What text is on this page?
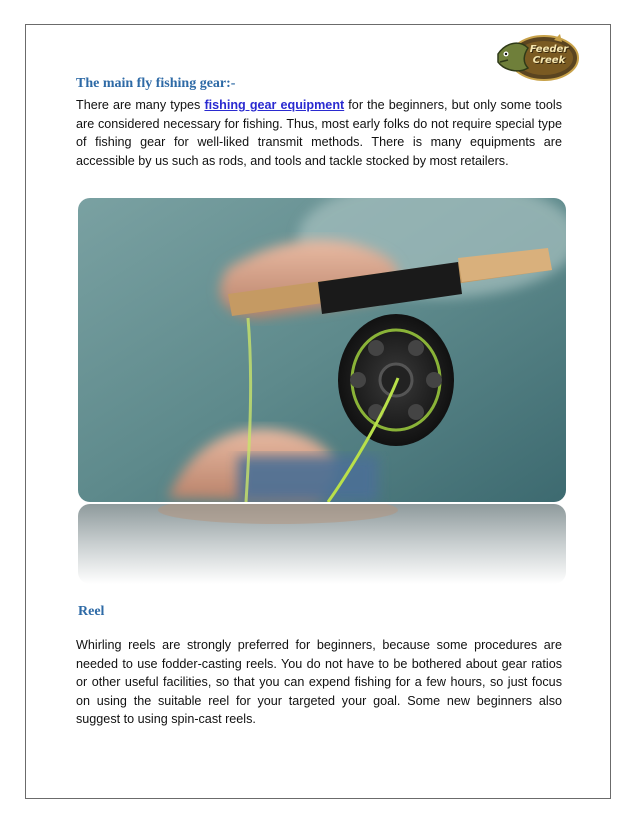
Feeder
Creek
The main fly fishing gear:-

There are many types fishing gear equipment for the beginners, but only some tools are considered necessary for fishing. Thus, most early folks do not require special type of fishing gear for well-liked transmit methods. There is many equipments are accessible by us such as rods, and tools and tackle stocked by most retailers.

Reel

Whirling reels are strongly preferred for beginners, because some procedures are needed to use fodder-casting reels. You do not have to be bothered about gear ratios or other useful facilities, so that you can expend fishing for a few hours, so just focus on using the suitable reel for your targeted your goal. Some new beginners also suggest to using spin-cast reels.
